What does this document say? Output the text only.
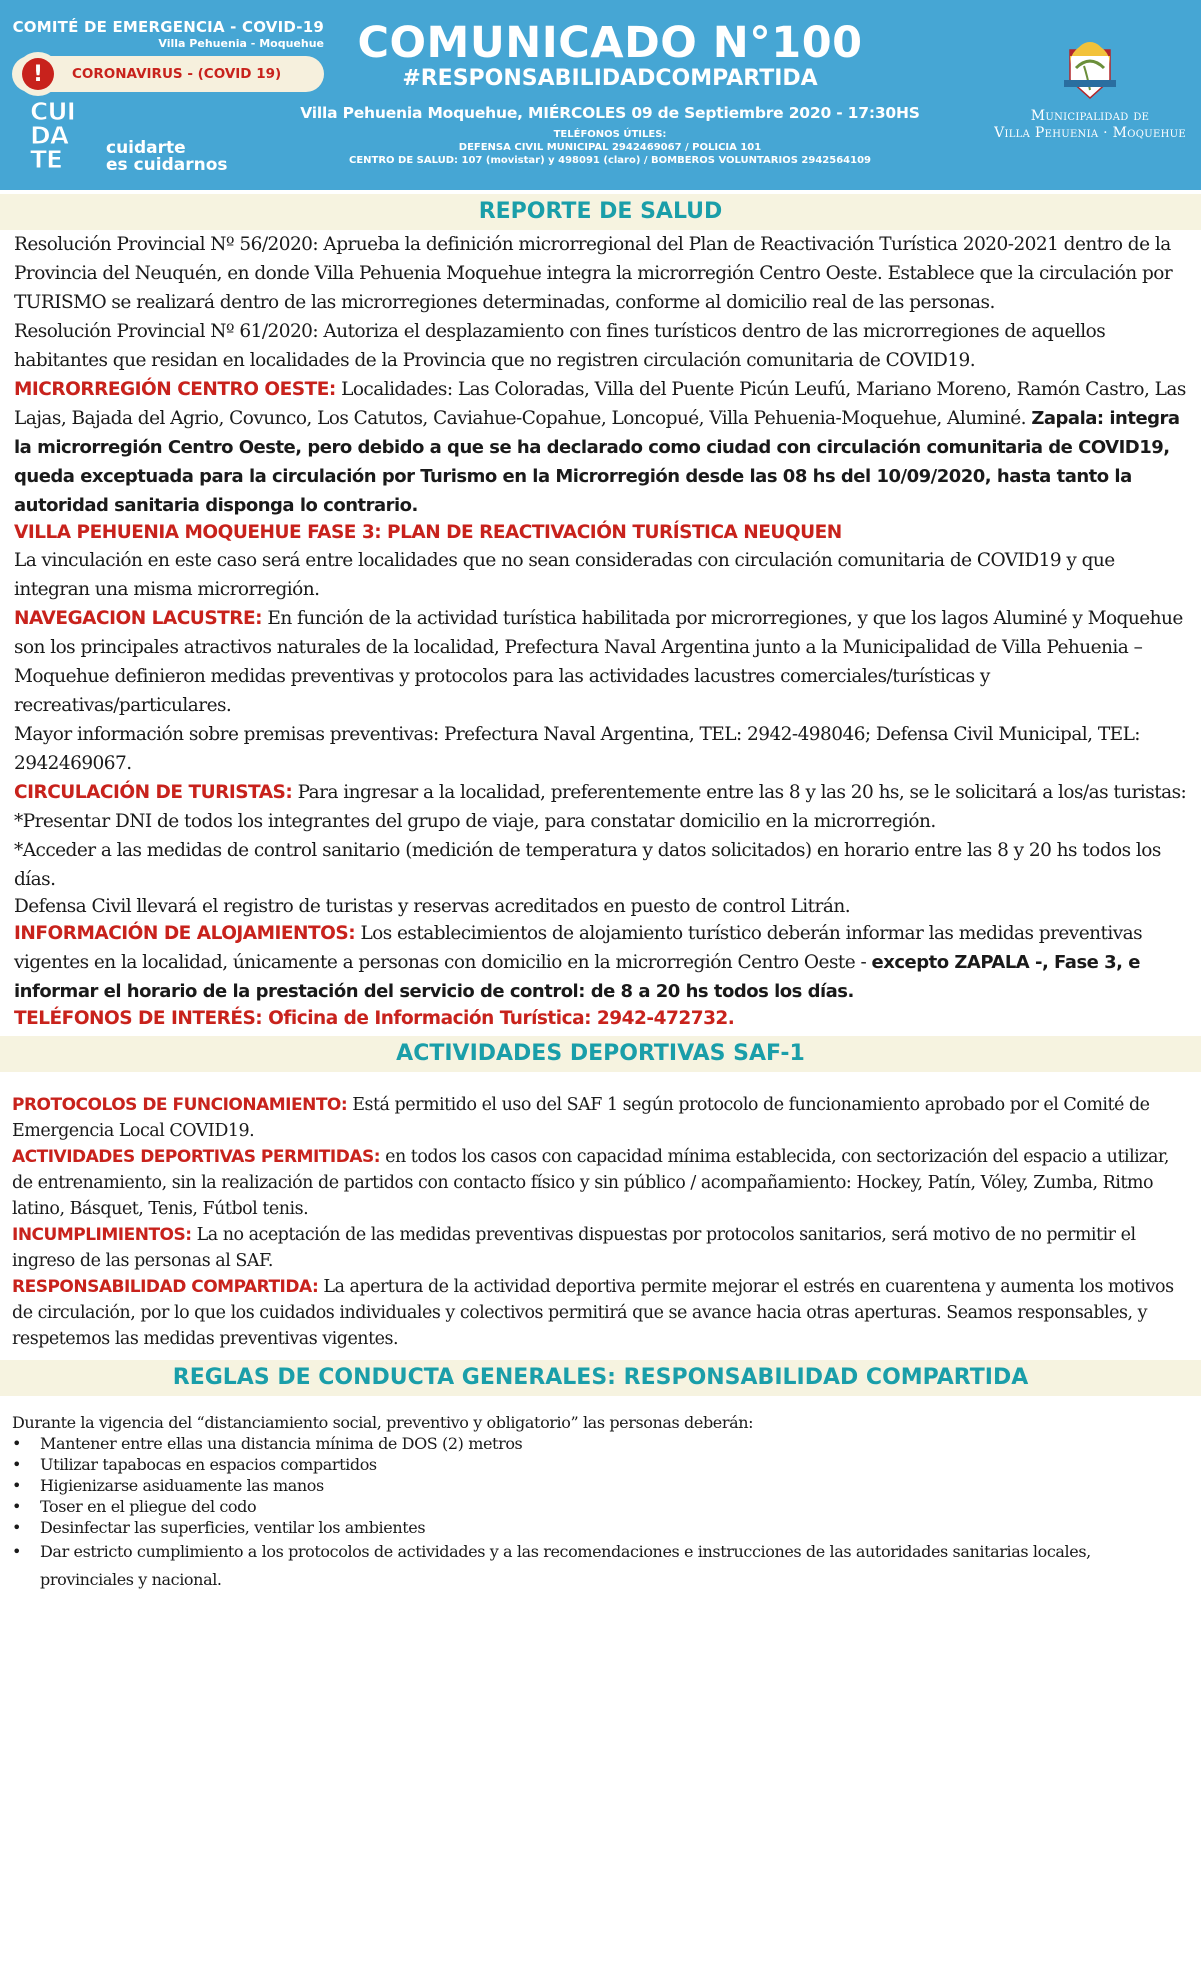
COMITÉ DE EMERGENCIA - COVID-19
Villa Pehuenia - Moquehue
!	CORONAVIRUS - (COVID 19)
CUI
DA
TE	cuidarte
es cuidarnos
COMUNICADO N°100
#RESPONSABILIDADCOMPARTIDA
Villa Pehuenia Moquehue, MIÉRCOLES 09 de Septiembre 2020 - 17:30HS
TELÉFONOS ÚTILES:
DEFENSA CIVIL MUNICIPAL 2942469067 / POLICIA 101
CENTRO DE SALUD: 107 (movistar) y 498091 (claro) / BOMBEROS VOLUNTARIOS 2942564109
Municipalidad de
Villa Pehuenia · Moquehue
REPORTE DE SALUD

Resolución Provincial Nº 56/2020: Aprueba la definición microrregional del Plan de Reactivación Turística 2020-2021 dentro de la Provincia del Neuquén, en donde Villa Pehuenia Moquehue integra la microrregión Centro Oeste. Establece que la circulación por TURISMO se realizará dentro de las microrregiones determinadas, conforme al domicilio real de las personas.

Resolución Provincial Nº 61/2020: Autoriza el desplazamiento con fines turísticos dentro de las microrregiones de aquellos habitantes que residan en localidades de la Provincia que no registren circulación comunitaria de COVID19.

MICRORREGIÓN CENTRO OESTE: Localidades: Las Coloradas, Villa del Puente Picún Leufú, Mariano Moreno, Ramón Castro, Las Lajas, Bajada del Agrio, Covunco, Los Catutos, Caviahue-Copahue, Loncopué, Villa Pehuenia-Moquehue, Aluminé. Zapala: integra la microrregión Centro Oeste, pero debido a que se ha declarado como ciudad con circulación comunitaria de COVID19, queda exceptuada para la circulación por Turismo en la Microrregión desde las 08 hs del 10/09/2020, hasta tanto la autoridad sanitaria disponga lo contrario.

VILLA PEHUENIA MOQUEHUE FASE 3: PLAN DE REACTIVACIÓN TURÍSTICA NEUQUEN

La vinculación en este caso será entre localidades que no sean consideradas con circulación comunitaria de COVID19 y que integran una misma microrregión.

NAVEGACION LACUSTRE: En función de la actividad turística habilitada por microrregiones, y que los lagos Aluminé y Moquehue son los principales atractivos naturales de la localidad, Prefectura Naval Argentina junto a la Municipalidad de Villa Pehuenia – Moquehue definieron medidas preventivas y protocolos para las actividades lacustres comerciales/turísticas y recreativas/particulares.

Mayor información sobre premisas preventivas: Prefectura Naval Argentina, TEL: 2942-498046; Defensa Civil Municipal, TEL: 2942469067.

CIRCULACIÓN DE TURISTAS: Para ingresar a la localidad, preferentemente entre las 8 y las 20 hs, se le solicitará a los/as turistas:

*Presentar DNI de todos los integrantes del grupo de viaje, para constatar domicilio en la microrregión.

*Acceder a las medidas de control sanitario (medición de temperatura y datos solicitados) en horario entre las 8 y 20 hs todos los días.

Defensa Civil llevará el registro de turistas y reservas acreditados en puesto de control Litrán.

INFORMACIÓN DE ALOJAMIENTOS: Los establecimientos de alojamiento turístico deberán informar las medidas preventivas vigentes en la localidad, únicamente a personas con domicilio en la microrregión Centro Oeste - excepto ZAPALA -, Fase 3, e informar el horario de la prestación del servicio de control: de 8 a 20 hs todos los días.

TELÉFONOS DE INTERÉS: Oficina de Información Turística: 2942-472732.
ACTIVIDADES DEPORTIVAS SAF-1

PROTOCOLOS DE FUNCIONAMIENTO: Está permitido el uso del SAF 1 según protocolo de funcionamiento aprobado por el Comité de Emergencia Local COVID19.

ACTIVIDADES DEPORTIVAS PERMITIDAS: en todos los casos con capacidad mínima establecida, con sectorización del espacio a utilizar, de entrenamiento, sin la realización de partidos con contacto físico y sin público / acompañamiento: Hockey, Patín, Vóley, Zumba, Ritmo latino, Básquet, Tenis, Fútbol tenis.

INCUMPLIMIENTOS: La no aceptación de las medidas preventivas dispuestas por protocolos sanitarios, será motivo de no permitir el ingreso de las personas al SAF.

RESPONSABILIDAD COMPARTIDA: La apertura de la actividad deportiva permite mejorar el estrés en cuarentena y aumenta los motivos de circulación, por lo que los cuidados individuales y colectivos permitirá que se avance hacia otras aperturas. Seamos responsables, y respetemos las medidas preventivas vigentes.

REGLAS DE CONDUCTA GENERALES: RESPONSABILIDAD COMPARTIDA

Durante la vigencia del “distanciamiento social, preventivo y obligatorio” las personas deberán:

• Mantener entre ellas una distancia mínima de DOS (2) metros
• Utilizar tapabocas en espacios compartidos
• Higienizarse asiduamente las manos
• Toser en el pliegue del codo
• Desinfectar las superficies, ventilar los ambientes
• Dar estricto cumplimiento a los protocolos de actividades y a las recomendaciones e instrucciones de las autoridades sanitarias locales, provinciales y nacional.
